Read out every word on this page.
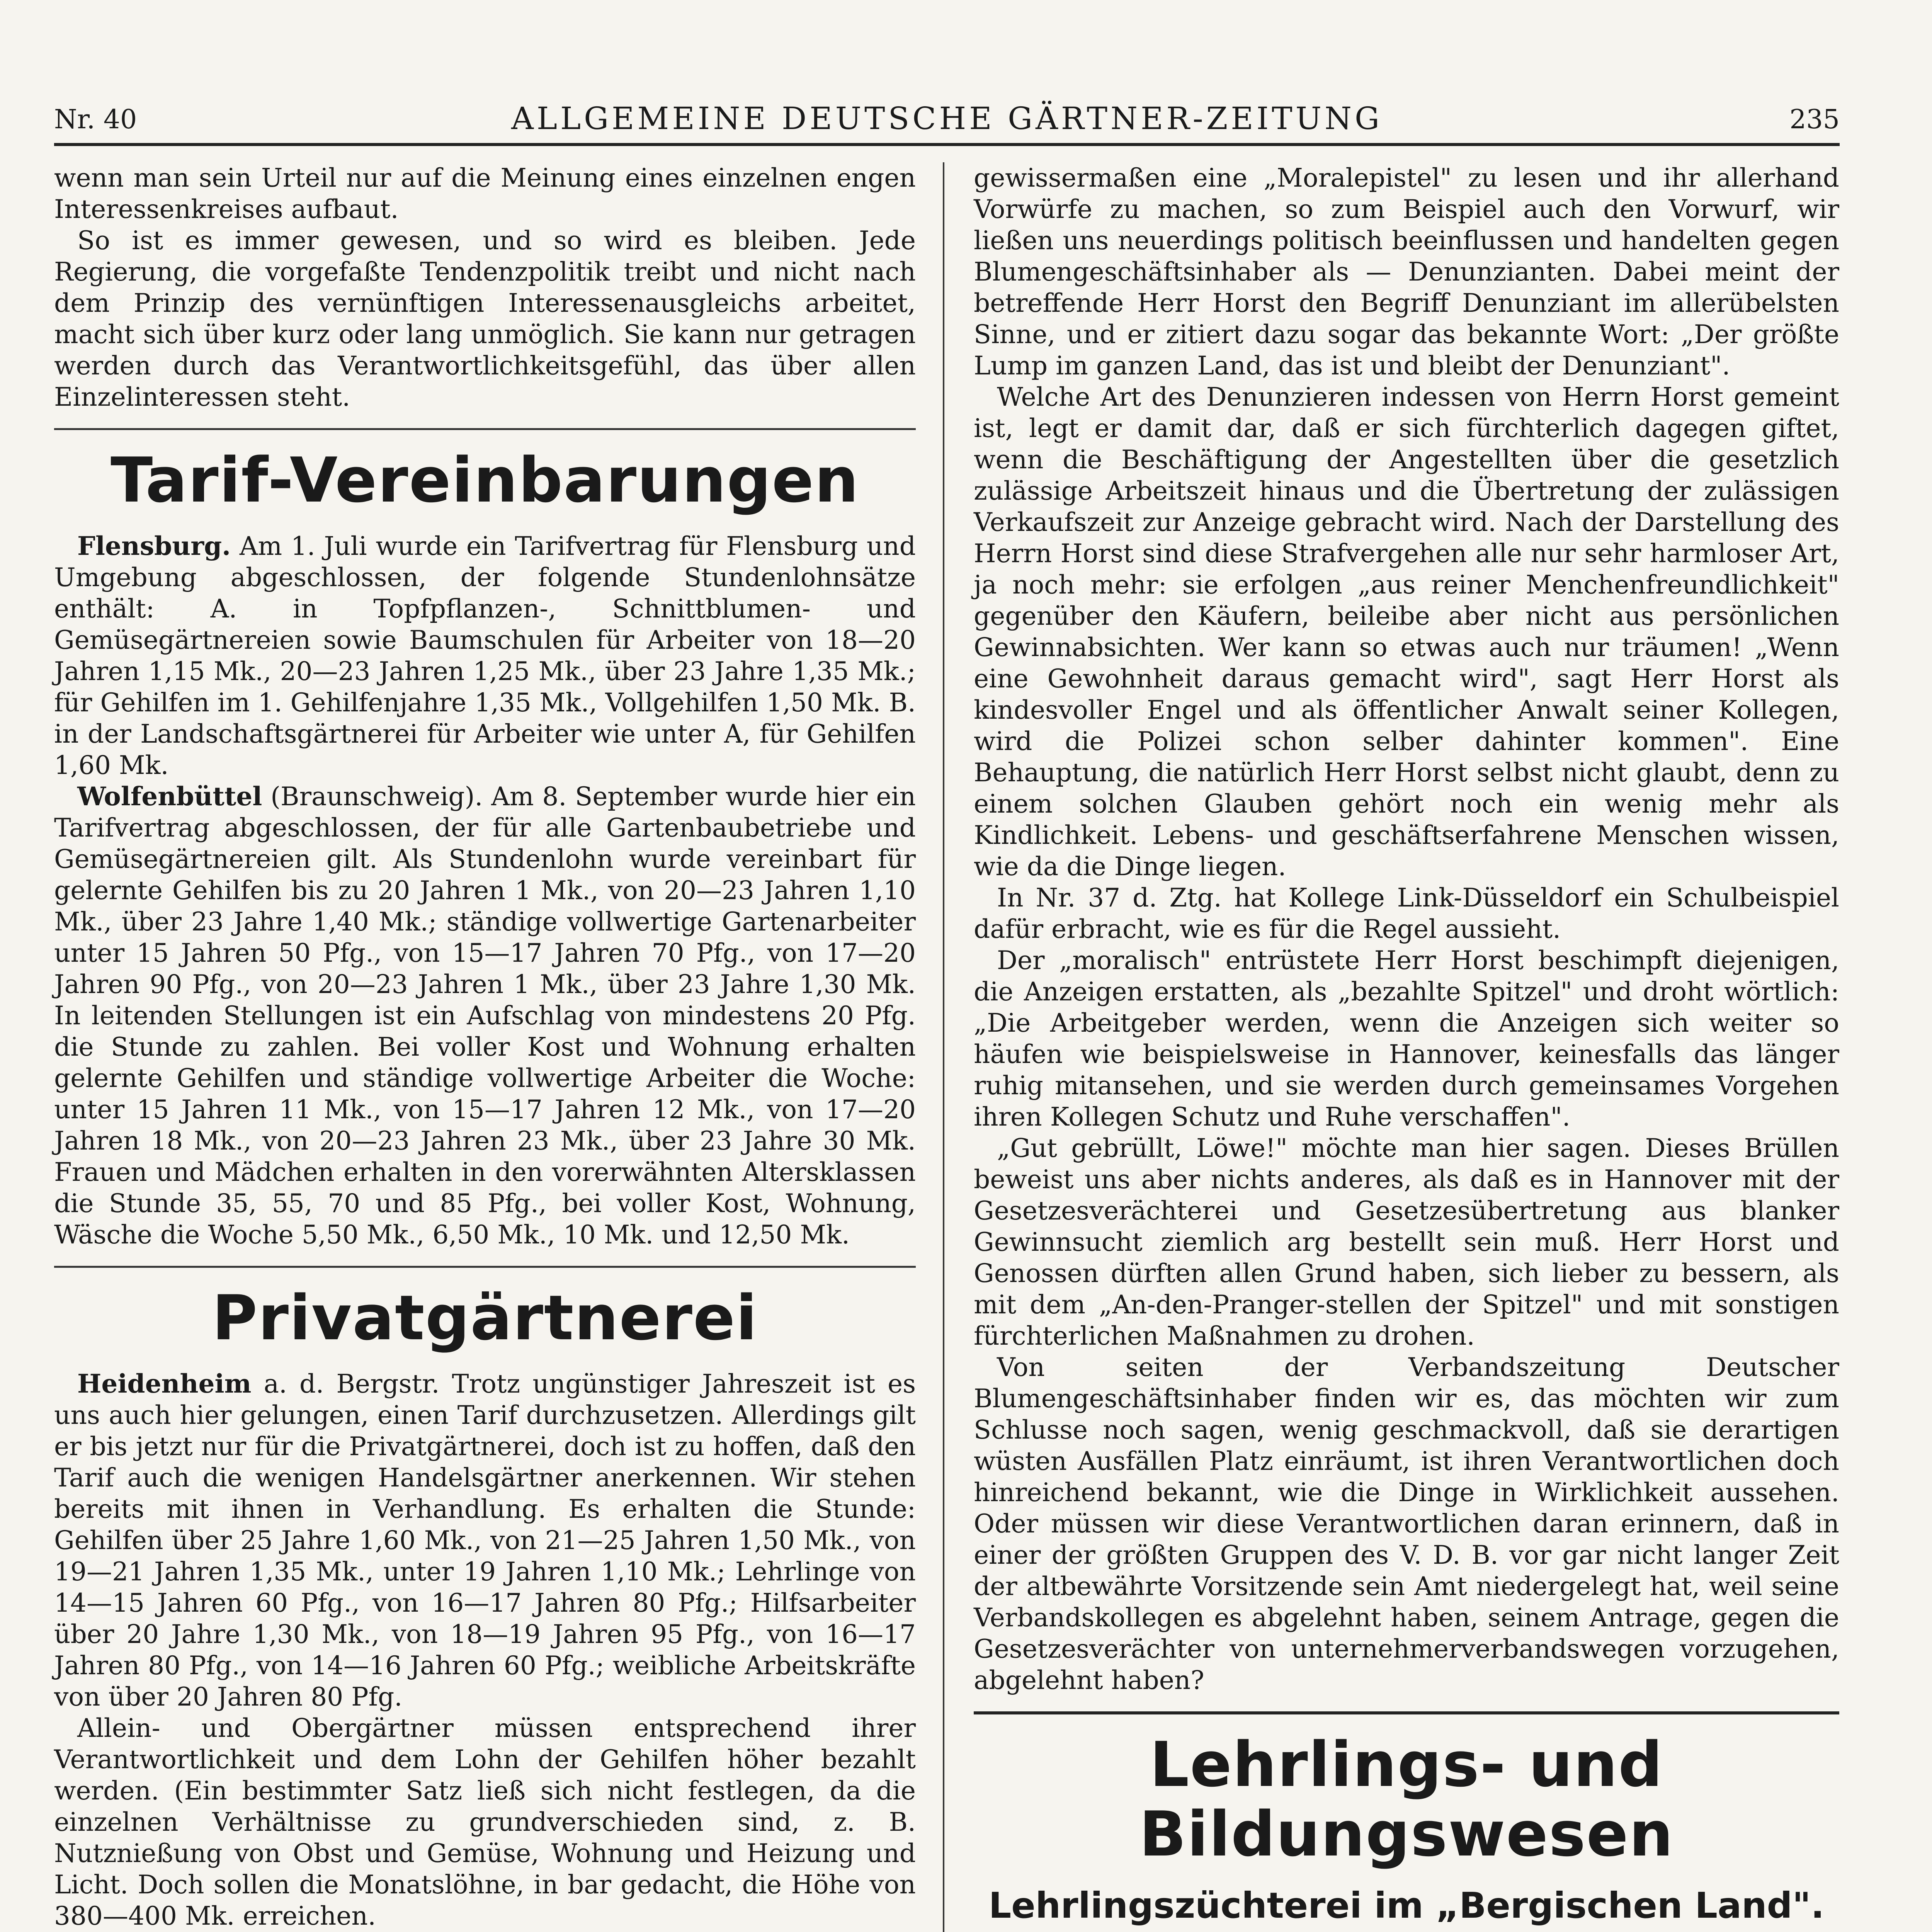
Nr. 40	ALLGEMEINE DEUTSCHE GÄRTNER-ZEITUNG	235

wenn man sein Urteil nur auf die Meinung eines einzelnen engen Interessenkreises aufbaut.

So ist es immer gewesen, und so wird es bleiben. Jede Regierung, die vorgefaßte Tendenzpolitik treibt und nicht nach dem Prinzip des vernünftigen Interessenausgleichs arbeitet, macht sich über kurz oder lang unmöglich. Sie kann nur getragen werden durch das Verantwortlichkeitsgefühl, das über allen Einzelinteressen steht.

Tarif-Vereinbarungen

Flensburg. Am 1. Juli wurde ein Tarifvertrag für Flensburg und Umgebung abgeschlossen, der folgende Stundenlohnsätze enthält: A. in Topfpflanzen-, Schnittblumen- und Gemüsegärtnereien sowie Baumschulen für Arbeiter von 18—20 Jahren 1,15 Mk., 20—23 Jahren 1,25 Mk., über 23 Jahre 1,35 Mk.; für Gehilfen im 1. Gehilfenjahre 1,35 Mk., Vollgehilfen 1,50 Mk. B. in der Landschaftsgärtnerei für Arbeiter wie unter A, für Gehilfen 1,60 Mk.

Wolfenbüttel (Braunschweig). Am 8. September wurde hier ein Tarifvertrag abgeschlossen, der für alle Gartenbaubetriebe und Gemüsegärtnereien gilt. Als Stundenlohn wurde vereinbart für gelernte Gehilfen bis zu 20 Jahren 1 Mk., von 20—23 Jahren 1,10 Mk., über 23 Jahre 1,40 Mk.; ständige vollwertige Gartenarbeiter unter 15 Jahren 50 Pfg., von 15—17 Jahren 70 Pfg., von 17—20 Jahren 90 Pfg., von 20—23 Jahren 1 Mk., über 23 Jahre 1,30 Mk. In leitenden Stellungen ist ein Aufschlag von mindestens 20 Pfg. die Stunde zu zahlen. Bei voller Kost und Wohnung erhalten gelernte Gehilfen und ständige vollwertige Arbeiter die Woche: unter 15 Jahren 11 Mk., von 15—17 Jahren 12 Mk., von 17—20 Jahren 18 Mk., von 20—23 Jahren 23 Mk., über 23 Jahre 30 Mk. Frauen und Mädchen erhalten in den vorerwähnten Altersklassen die Stunde 35, 55, 70 und 85 Pfg., bei voller Kost, Wohnung, Wäsche die Woche 5,50 Mk., 6,50 Mk., 10 Mk. und 12,50 Mk.

Privatgärtnerei

Heidenheim a. d. Bergstr. Trotz ungünstiger Jahreszeit ist es uns auch hier gelungen, einen Tarif durchzusetzen. Allerdings gilt er bis jetzt nur für die Privatgärtnerei, doch ist zu hoffen, daß den Tarif auch die wenigen Handelsgärtner anerkennen. Wir stehen bereits mit ihnen in Verhandlung. Es erhalten die Stunde: Gehilfen über 25 Jahre 1,60 Mk., von 21—25 Jahren 1,50 Mk., von 19—21 Jahren 1,35 Mk., unter 19 Jahren 1,10 Mk.; Lehrlinge von 14—15 Jahren 60 Pfg., von 16—17 Jahren 80 Pfg.; Hilfsarbeiter über 20 Jahre 1,30 Mk., von 18—19 Jahren 95 Pfg., von 16—17 Jahren 80 Pfg., von 14—16 Jahren 60 Pfg.; weibliche Arbeitskräfte von über 20 Jahren 80 Pfg.

Allein- und Obergärtner müssen entsprechend ihrer Verantwortlichkeit und dem Lohn der Gehilfen höher bezahlt werden. (Ein bestimmter Satz ließ sich nicht festlegen, da die einzelnen Verhältnisse zu grundverschieden sind, z. B. Nutznießung von Obst und Gemüse, Wohnung und Heizung und Licht. Doch sollen die Monatslöhne, in bar gedacht, die Höhe von 380—400 Mk. erreichen.

gewissermaßen eine „Moralepistel" zu lesen und ihr allerhand Vorwürfe zu machen, so zum Beispiel auch den Vorwurf, wir ließen uns neuerdings politisch beeinflussen und handelten gegen Blumengeschäftsinhaber als — Denunzianten. Dabei meint der betreffende Herr Horst den Begriff Denunziant im allerübelsten Sinne, und er zitiert dazu sogar das bekannte Wort: „Der größte Lump im ganzen Land, das ist und bleibt der Denunziant".

Welche Art des Denunzieren indessen von Herrn Horst gemeint ist, legt er damit dar, daß er sich fürchterlich dagegen giftet, wenn die Beschäftigung der Angestellten über die gesetzlich zulässige Arbeitszeit hinaus und die Übertretung der zulässigen Verkaufszeit zur Anzeige gebracht wird. Nach der Darstellung des Herrn Horst sind diese Strafvergehen alle nur sehr harmloser Art, ja noch mehr: sie erfolgen „aus reiner Menchenfreundlichkeit" gegenüber den Käufern, beileibe aber nicht aus persönlichen Gewinnabsichten. Wer kann so etwas auch nur träumen! „Wenn eine Gewohnheit daraus gemacht wird", sagt Herr Horst als kindesvoller Engel und als öffentlicher Anwalt seiner Kollegen, wird die Polizei schon selber dahinter kommen". Eine Behauptung, die natürlich Herr Horst selbst nicht glaubt, denn zu einem solchen Glauben gehört noch ein wenig mehr als Kindlichkeit. Lebens- und geschäftserfahrene Menschen wissen, wie da die Dinge liegen.

In Nr. 37 d. Ztg. hat Kollege Link-Düsseldorf ein Schulbeispiel dafür erbracht, wie es für die Regel aussieht.

Der „moralisch" entrüstete Herr Horst beschimpft diejenigen, die Anzeigen erstatten, als „bezahlte Spitzel" und droht wörtlich: „Die Arbeitgeber werden, wenn die Anzeigen sich weiter so häufen wie beispielsweise in Hannover, keinesfalls das länger ruhig mitansehen, und sie werden durch gemeinsames Vorgehen ihren Kollegen Schutz und Ruhe verschaffen".

„Gut gebrüllt, Löwe!" möchte man hier sagen. Dieses Brüllen beweist uns aber nichts anderes, als daß es in Hannover mit der Gesetzesverächterei und Gesetzesübertretung aus blanker Gewinnsucht ziemlich arg bestellt sein muß. Herr Horst und Genossen dürften allen Grund haben, sich lieber zu bessern, als mit dem „An-den-Pranger-stellen der Spitzel" und mit sonstigen fürchterlichen Maßnahmen zu drohen.

Von seiten der Verbandszeitung Deutscher Blumengeschäftsinhaber finden wir es, das möchten wir zum Schlusse noch sagen, wenig geschmackvoll, daß sie derartigen wüsten Ausfällen Platz einräumt, ist ihren Verantwortlichen doch hinreichend bekannt, wie die Dinge in Wirklichkeit aussehen. Oder müssen wir diese Verantwortlichen daran erinnern, daß in einer der größten Gruppen des V. D. B. vor gar nicht langer Zeit der altbewährte Vorsitzende sein Amt niedergelegt hat, weil seine Verbandskollegen es abgelehnt haben, seinem Antrage, gegen die Gesetzesverächter von unternehmerverbandswegen vorzugehen, abgelehnt haben?

Lehrlings- und Bildungswesen
Lehrlingszüchterei im „Bergischen Land".
